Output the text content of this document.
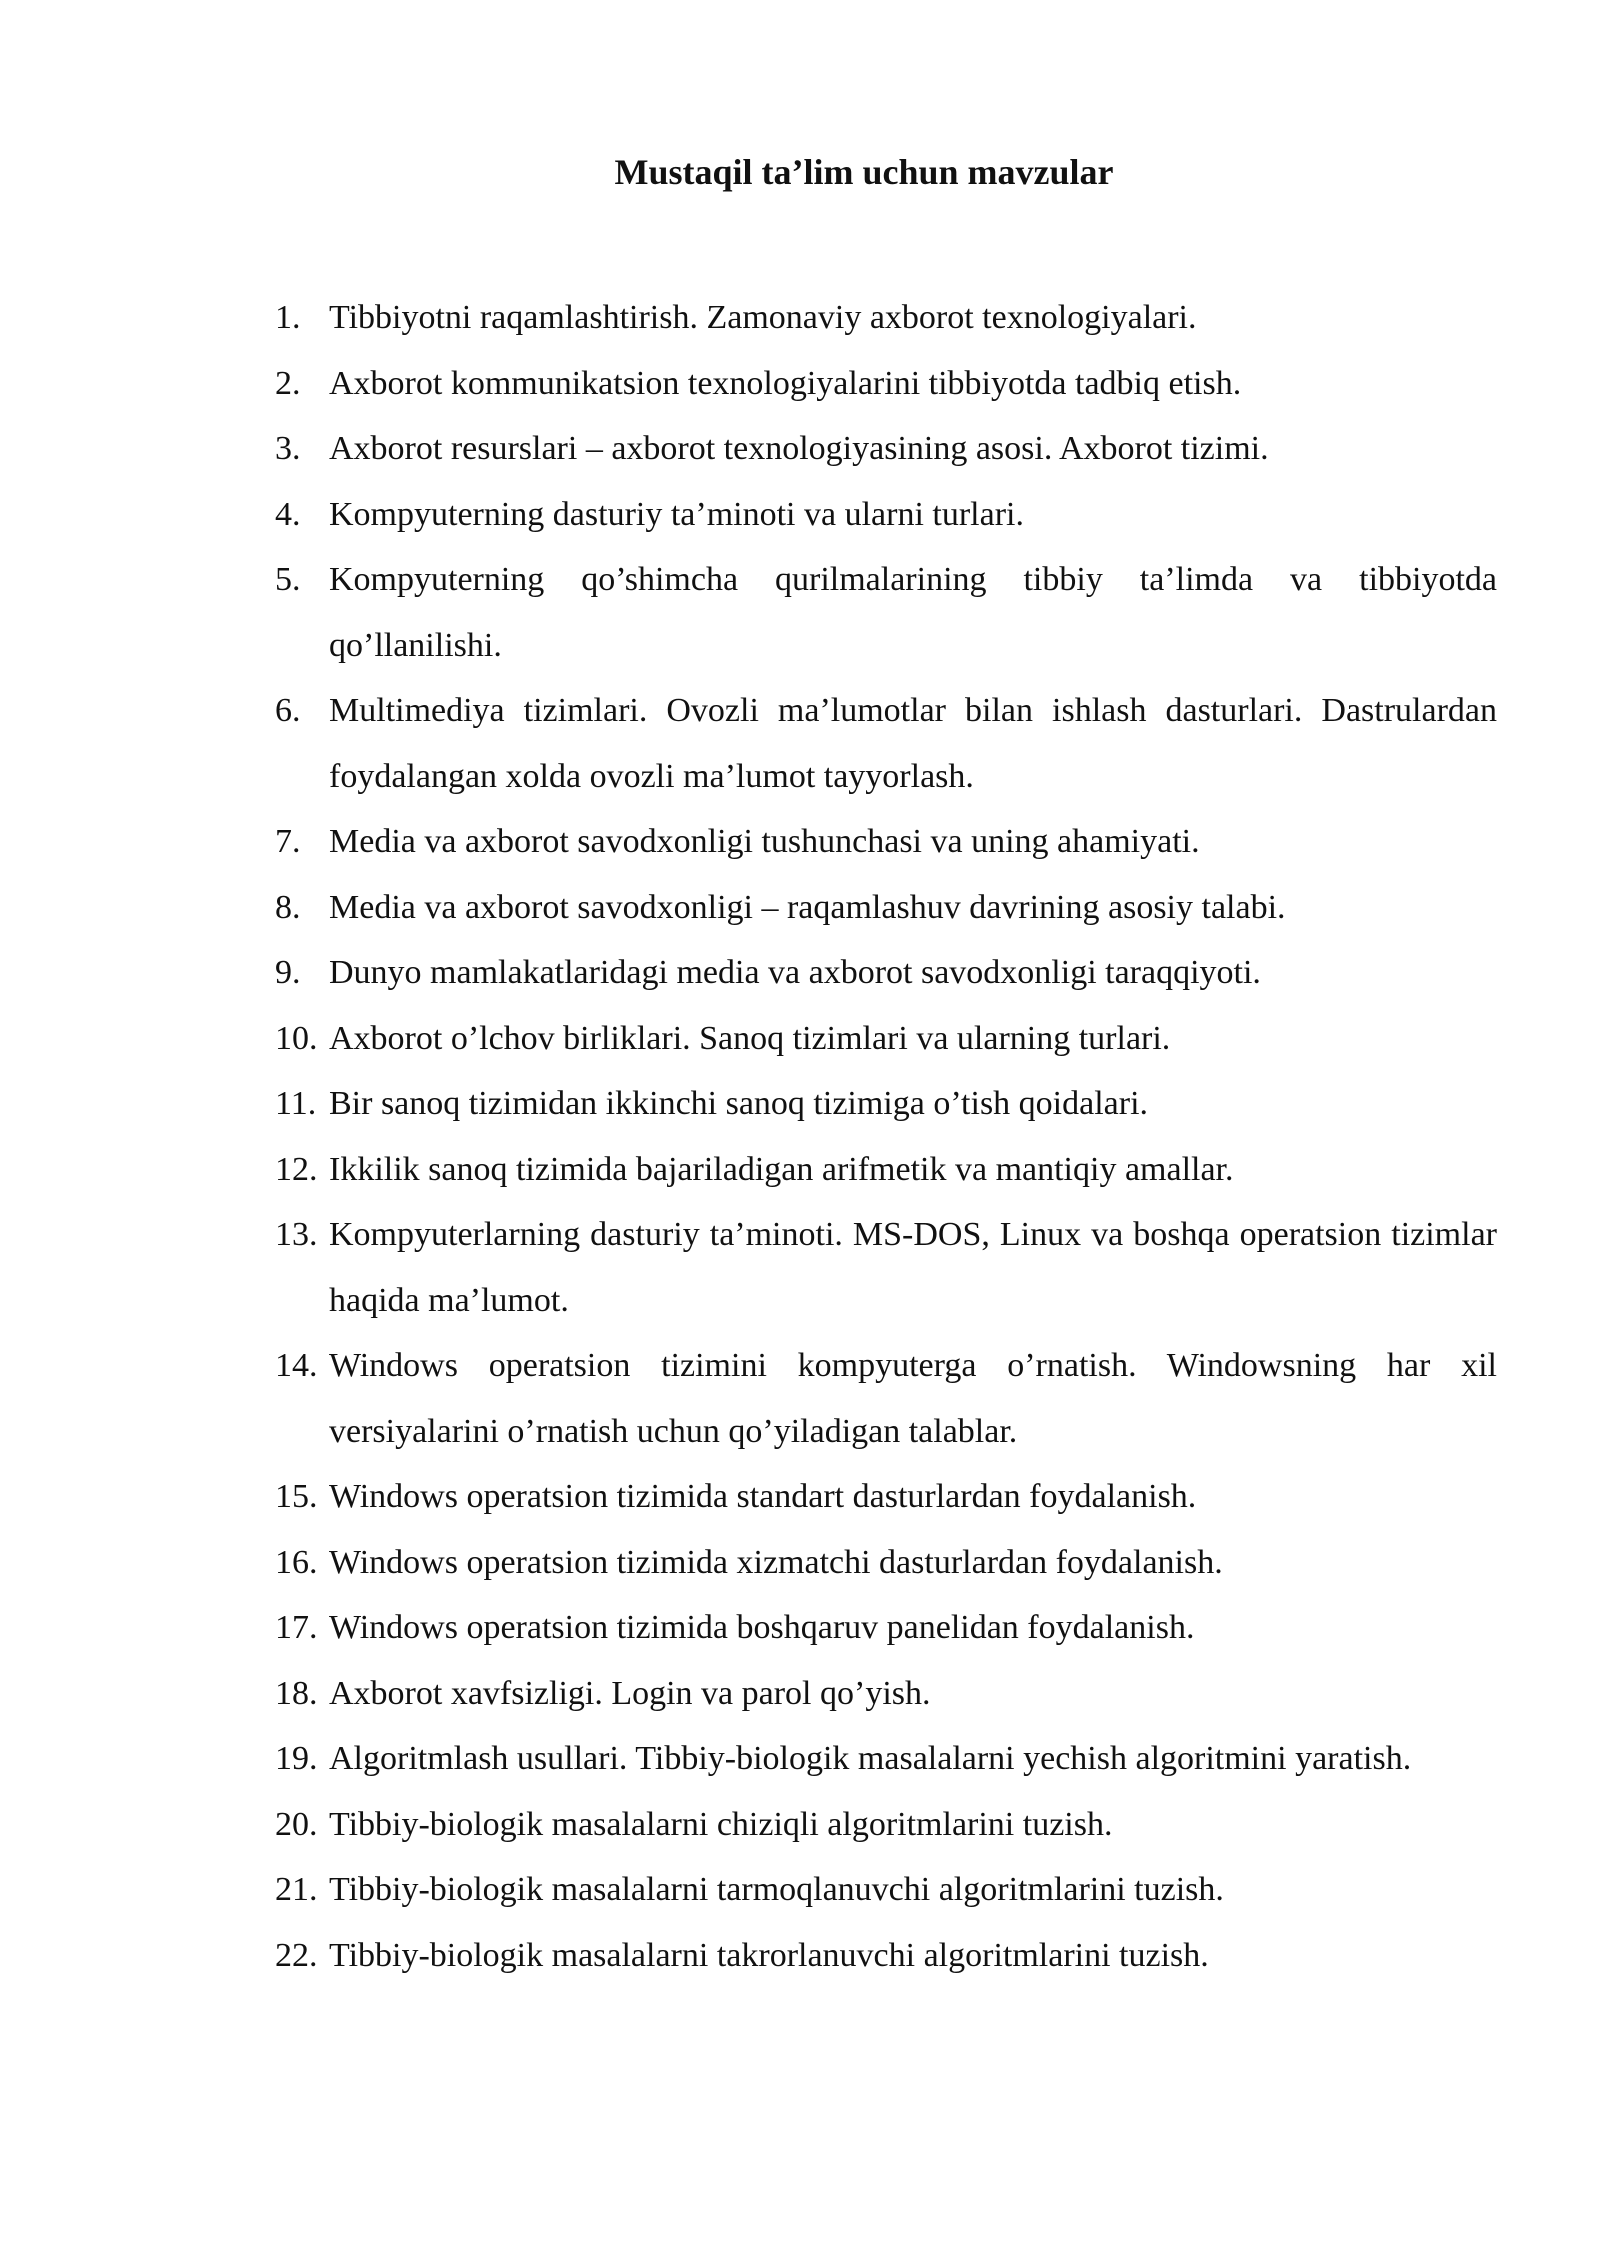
Mustaqil ta’lim uchun mavzular
1. Tibbiyotni raqamlashtirish. Zamonaviy axborot texnologiyalari.
2. Axborot kommunikatsion texnologiyalarini tibbiyotda tadbiq etish.
3. Axborot resurslari – axborot texnologiyasining asosi. Axborot tizimi.
4. Kompyuterning dasturiy ta’minoti va ularni turlari.
5. Kompyuterning qo’shimcha qurilmalarining tibbiy ta’limda va tibbiyotda qo’llanilishi.
6. Multimediya tizimlari. Ovozli ma’lumotlar bilan ishlash dasturlari. Dastrulardan foydalangan xolda ovozli ma’lumot tayyorlash.
7. Media va axborot savodxonligi tushunchasi va uning ahamiyati.
8. Media va axborot savodxonligi – raqamlashuv davrining asosiy talabi.
9. Dunyo mamlakatlaridagi media va axborot savodxonligi taraqqiyoti.
10. Axborot o’lchov birliklari. Sanoq tizimlari va ularning turlari.
11. Bir sanoq tizimidan ikkinchi sanoq tizimiga o’tish qoidalari.
12. Ikkilik sanoq tizimida bajariladigan arifmetik va mantiqiy amallar.
13. Kompyuterlarning dasturiy ta’minoti. MS-DOS, Linux va boshqa operatsion tizimlar haqida ma’lumot.
14. Windows operatsion tizimini kompyuterga o’rnatish. Windowsning har xil versiyalarini o’rnatish uchun qo’yiladigan talablar.
15. Windows operatsion tizimida standart dasturlardan foydalanish.
16. Windows operatsion tizimida xizmatchi dasturlardan foydalanish.
17. Windows operatsion tizimida boshqaruv panelidan foydalanish.
18. Axborot xavfsizligi. Login va parol qo’yish.
19. Algoritmlash usullari. Tibbiy-biologik masalalarni yechish algoritmini yaratish.
20. Tibbiy-biologik masalalarni chiziqli algoritmlarini tuzish.
21. Tibbiy-biologik masalalarni tarmoqlanuvchi algoritmlarini tuzish.
22. Tibbiy-biologik masalalarni takrorlanuvchi algoritmlarini tuzish.
